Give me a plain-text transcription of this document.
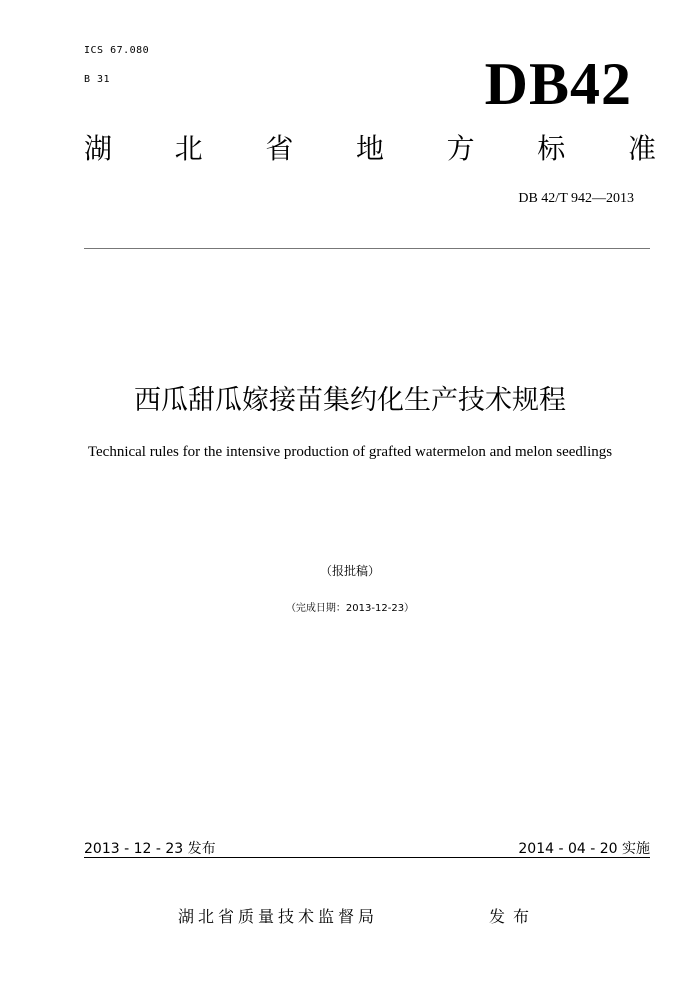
ICS 67.080
B 31	DB42
湖 北 省 地 方 标 准
DB 42/T 942—2013
西瓜甜瓜嫁接苗集约化生产技术规程
Technical rules for the intensive production of grafted watermelon and melon seedlings
（报批稿）
（完成日期：2013-12-23）
2013 - 12 - 23 发布	2014 - 04 - 20 实施
湖北省质量技术监督局	发布
